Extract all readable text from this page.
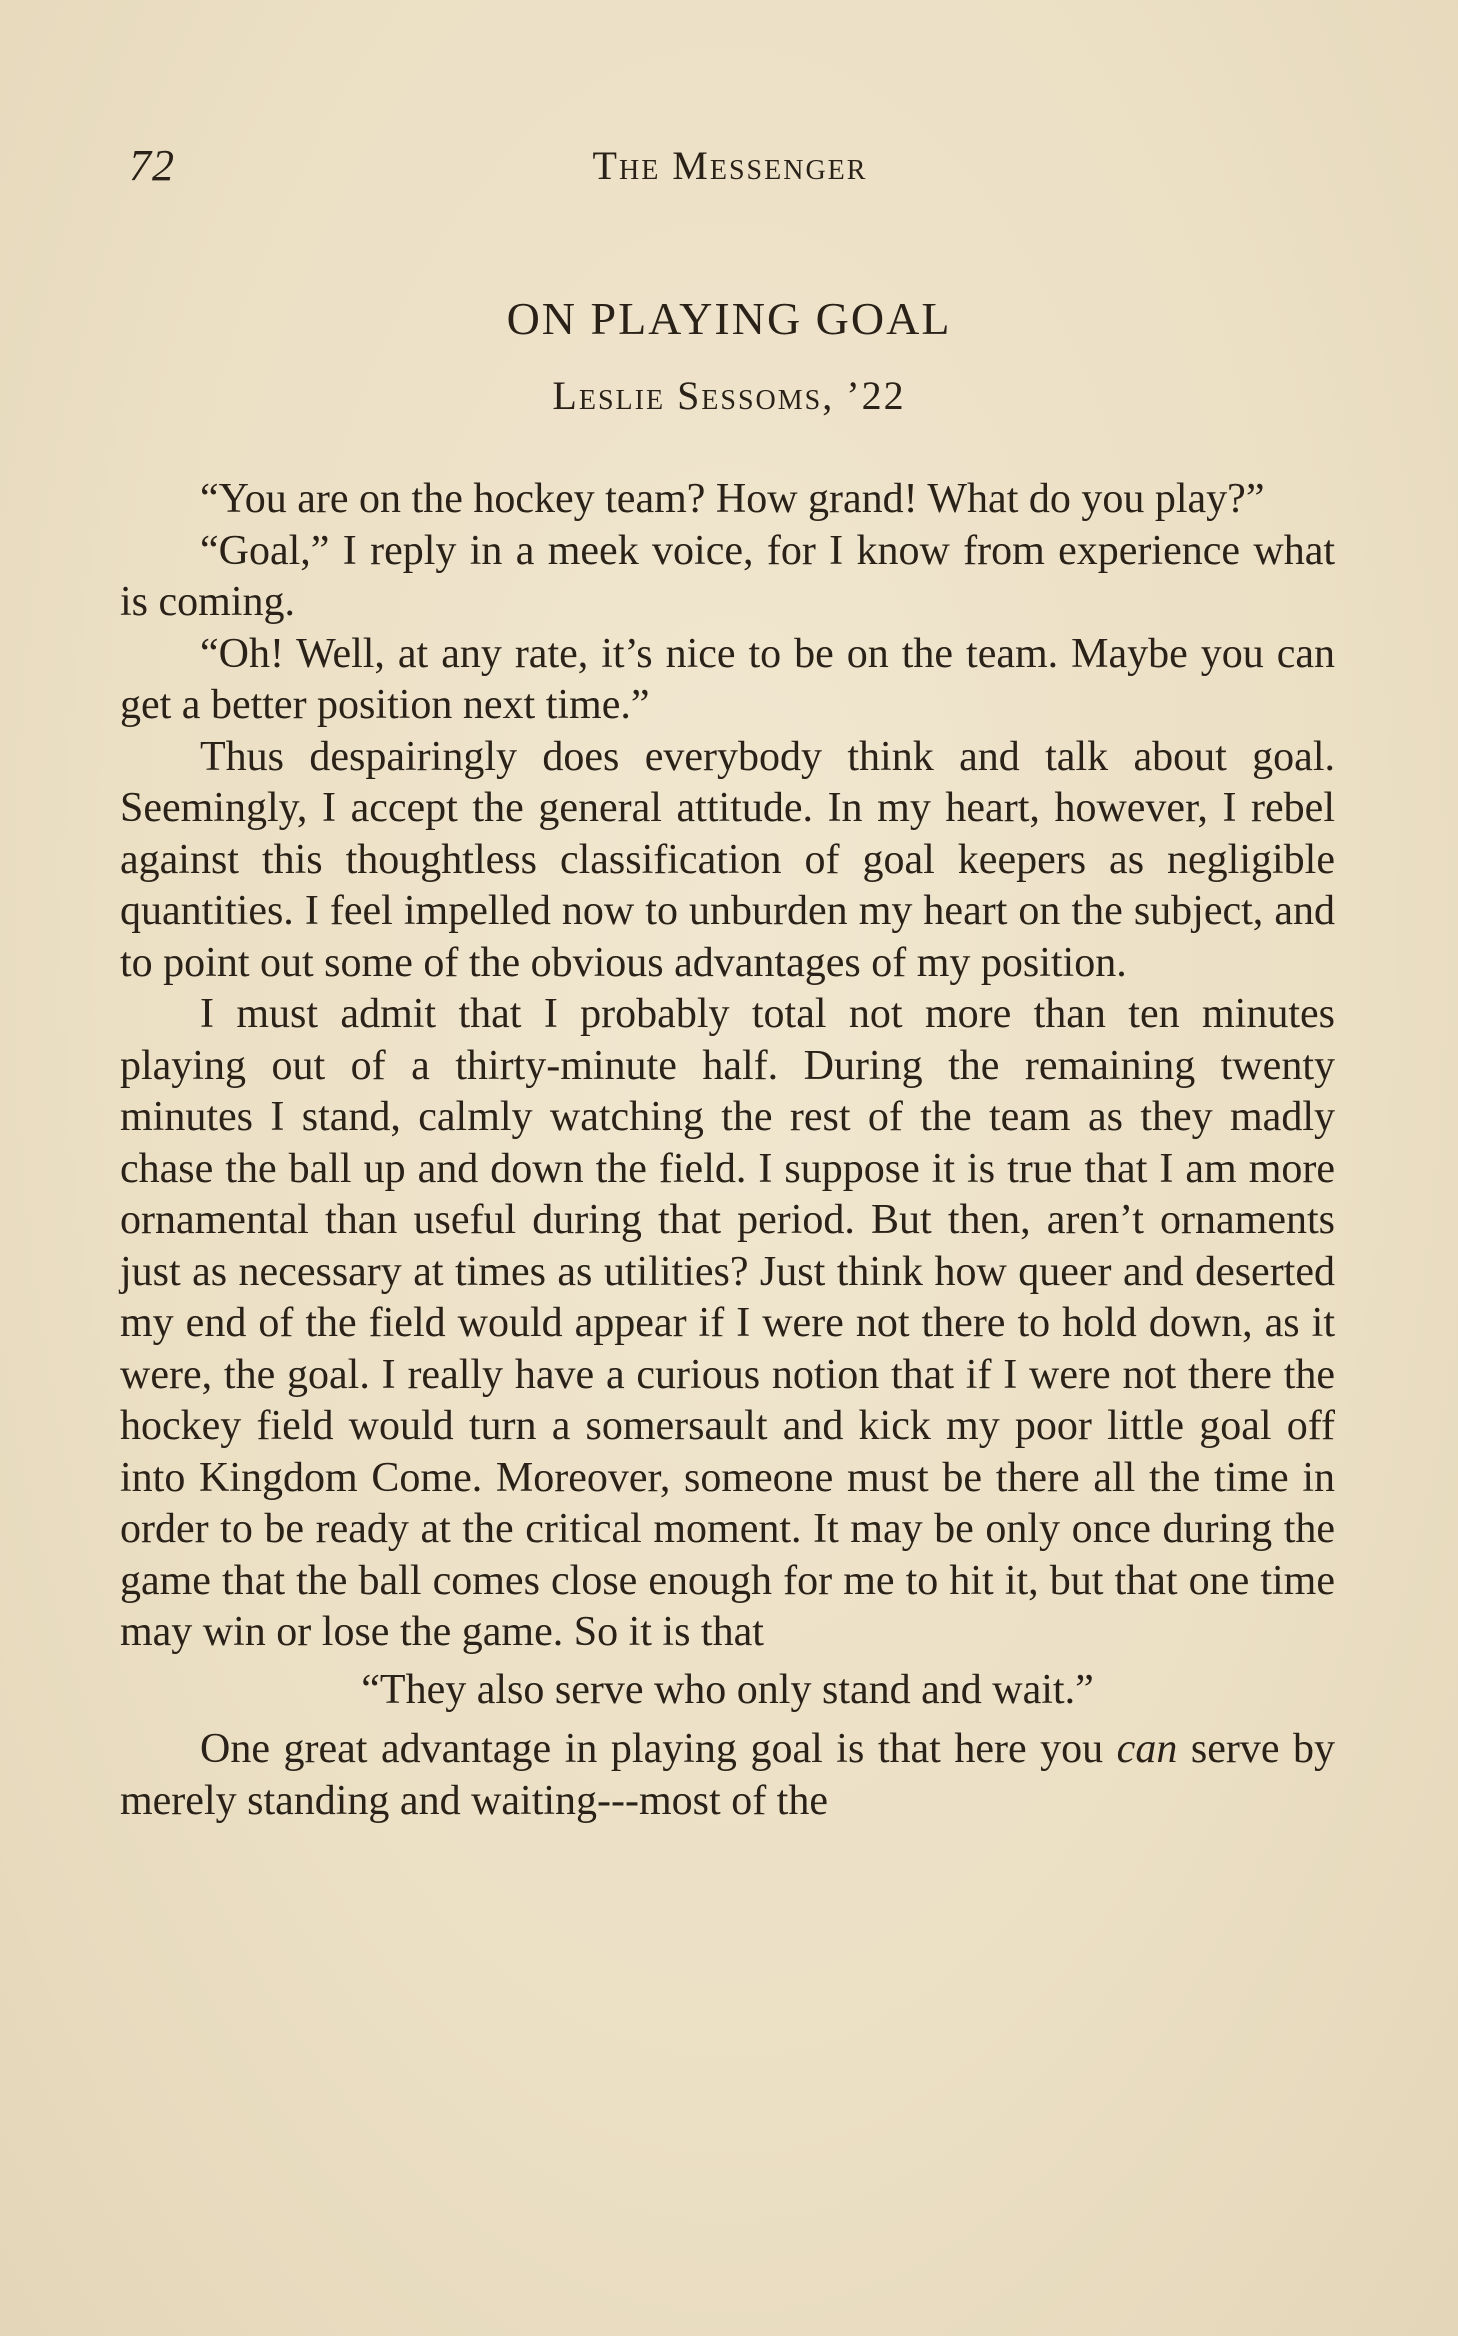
72	The Messenger
ON PLAYING GOAL
Leslie Sessoms, ’22

“You are on the hockey team? How grand! What do you play?”

“Goal,” I reply in a meek voice, for I know from experience what is coming.

“Oh! Well, at any rate, it’s nice to be on the team. Maybe you can get a better position next time.”

Thus despairingly does everybody think and talk about goal. Seemingly, I accept the general attitude. In my heart, however, I rebel against this thoughtless classification of goal keepers as negligible quantities. I feel impelled now to unburden my heart on the subject, and to point out some of the obvious advantages of my position.

I must admit that I probably total not more than ten minutes playing out of a thirty-minute half. During the remaining twenty minutes I stand, calmly watching the rest of the team as they madly chase the ball up and down the field. I suppose it is true that I am more ornamental than useful during that period. But then, aren’t ornaments just as necessary at times as utilities? Just think how queer and deserted my end of the field would appear if I were not there to hold down, as it were, the goal. I really have a curious notion that if I were not there the hockey field would turn a somersault and kick my poor little goal off into Kingdom Come. Moreover, someone must be there all the time in order to be ready at the critical moment. It may be only once during the game that the ball comes close enough for me to hit it, but that one time may win or lose the game. So it is that

“They also serve who only stand and wait.”

One great advantage in playing goal is that here you can serve by merely standing and waiting---most of the
